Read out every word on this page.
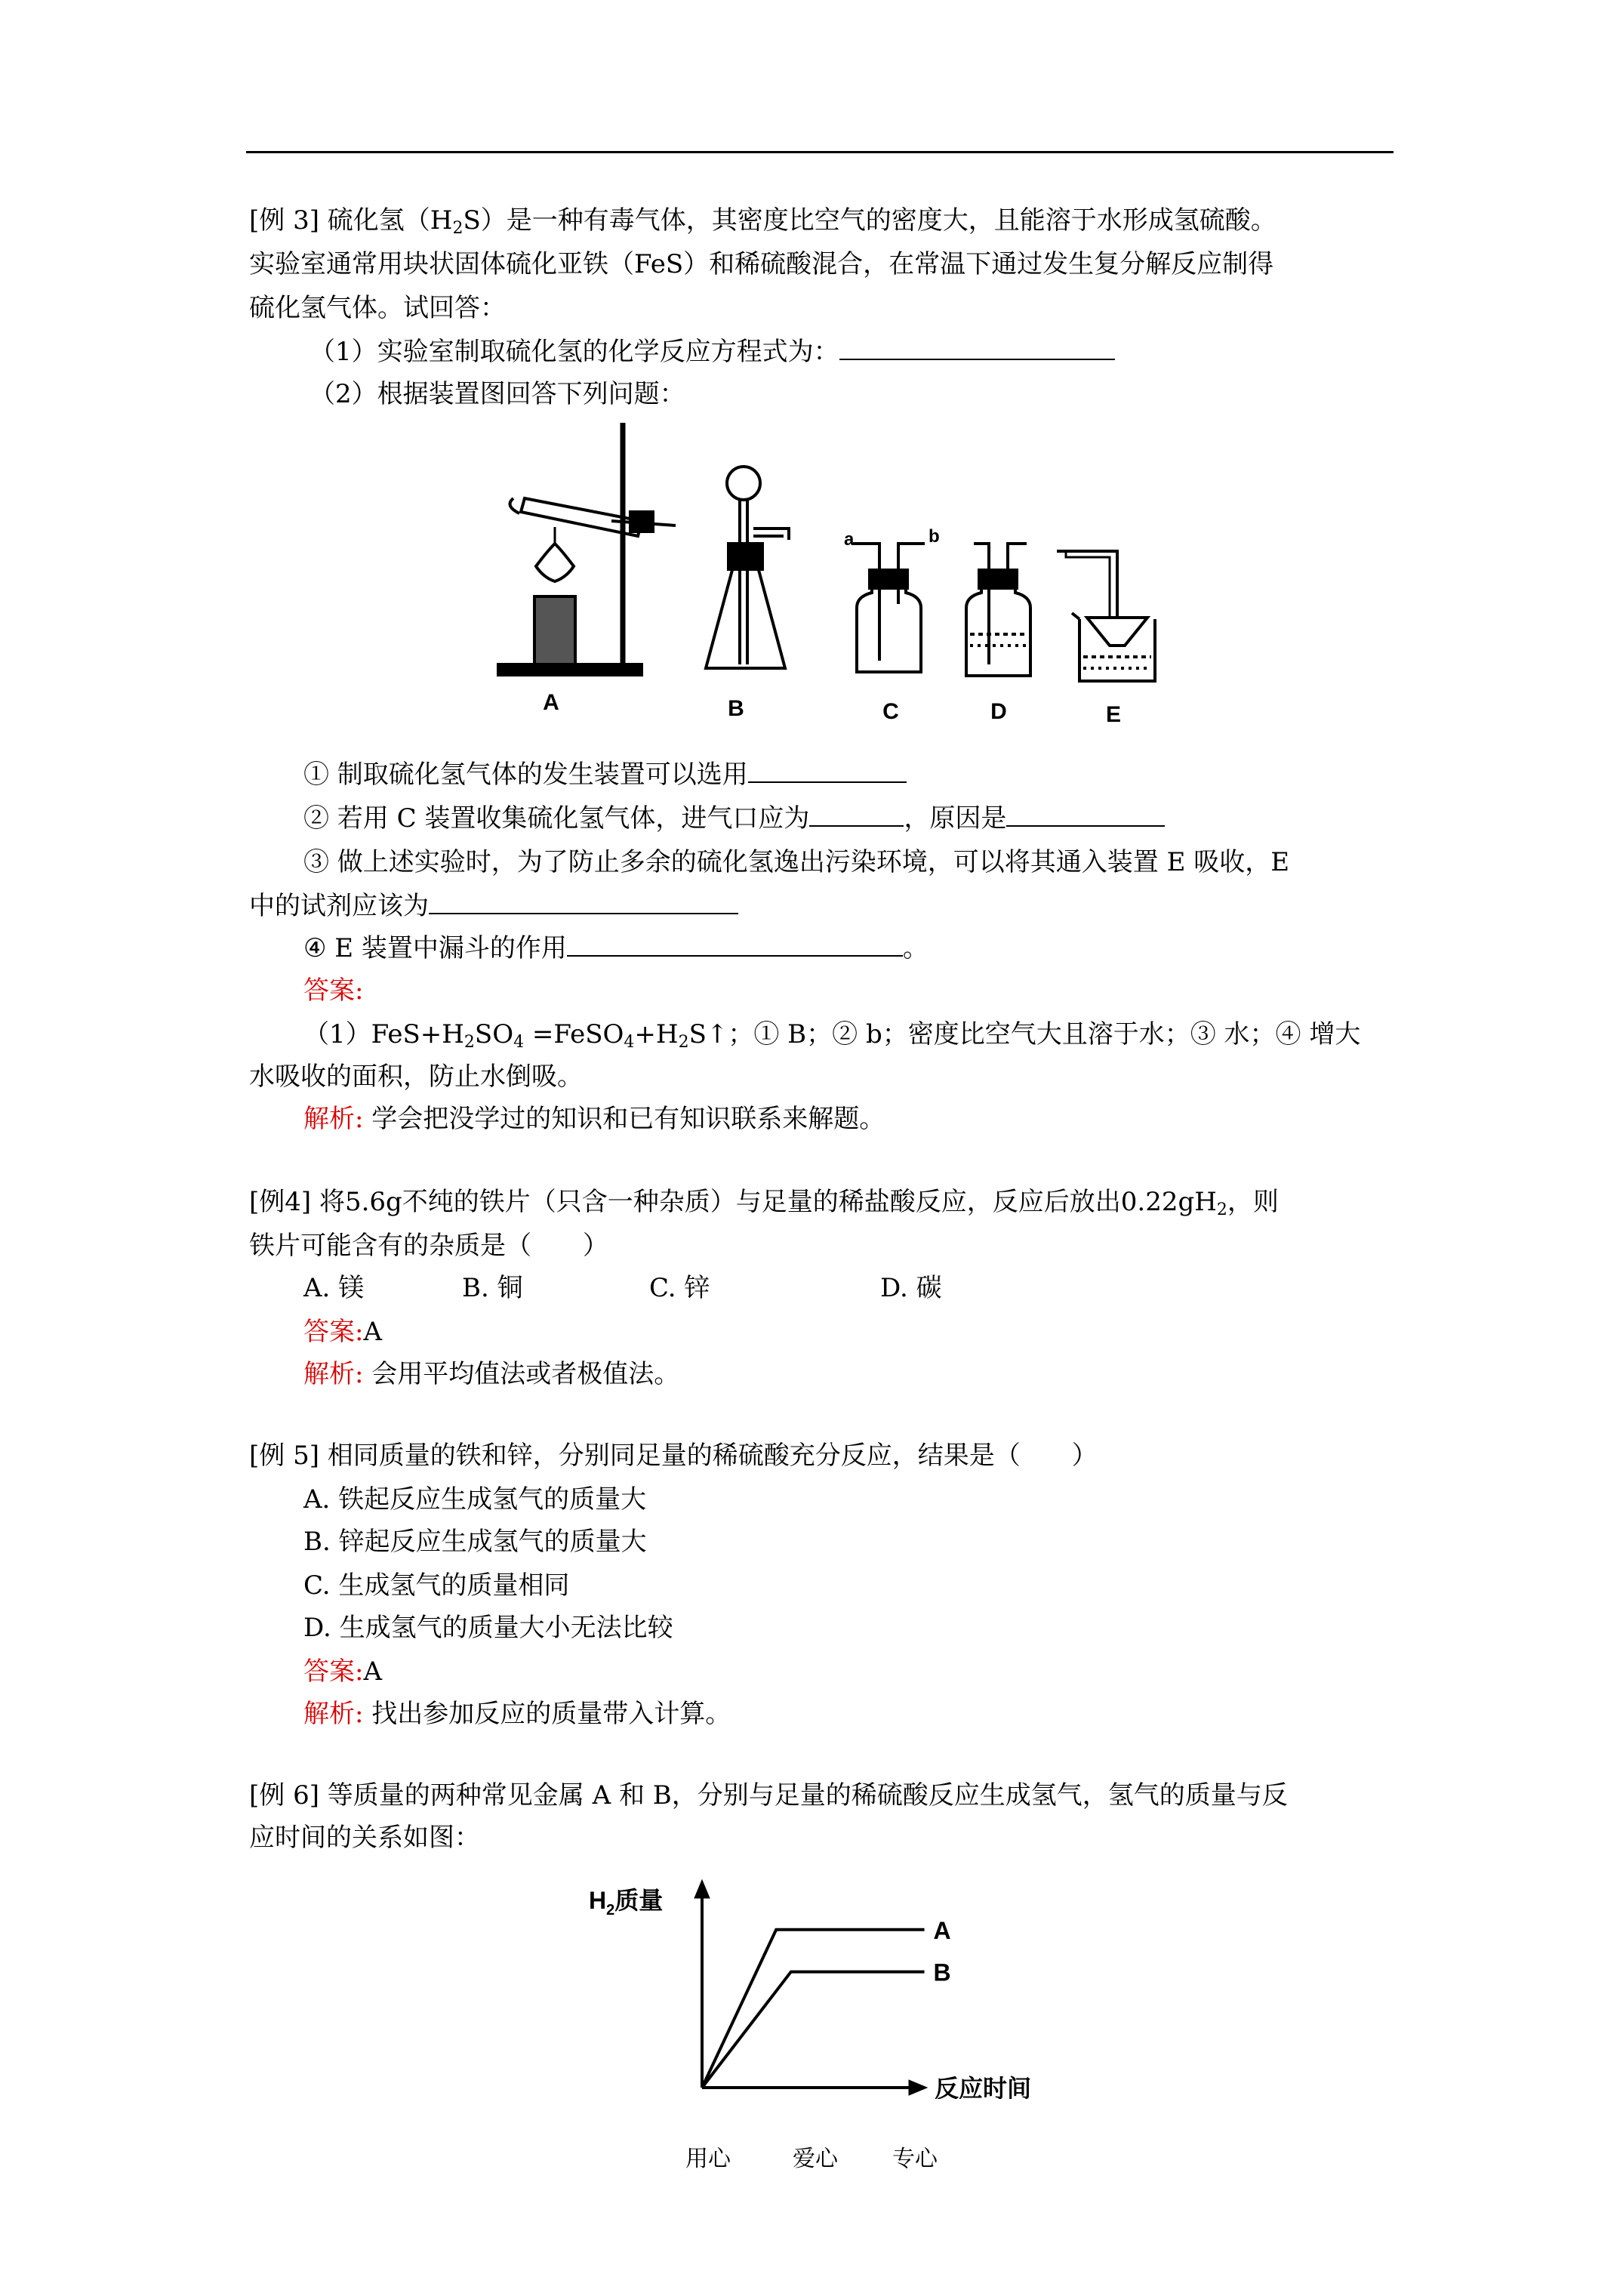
[例 3] 硫化氢$(H_2S)$是一种有毒气体，其密度比空气的密度大，且能溶于水形成氢硫酸。
实验室通常用块状固体硫化亚铁（FeS）和稀硫酸混合，在常温下通过发生复分解反应制得
硫化氢气体。试回答：
（1）实验室制取硫化氢的化学反应方程式为：
（2）根据装置图回答下列问题：
A	B	C	D	E
a	b
① 制取硫化氢气体的发生装置可以选用
② 若用 C 装置收集硫化氢气体，进气口应为	，原因是
③ 做上述实验时，为了防止多余的硫化氢逸出污染环境，可以将其通入装置 E 吸收，E
中的试剂应该为
④ E 装置中漏斗的作用	。
答案:
$(1)FeS+H_2SO_4$ $=FeSO_4+H_2S↑$；① B；② b；密度比空气大且溶于水；③ 水；④ 增大
水吸收的面积，防止水倒吸。
解析: 学会把没学过的知识和已有知识联系来解题。
[例4] 将5.6g不纯的铁片（只含一种杂质）与足量的稀盐酸反应，反应后放出$0.22gH_2$，则
铁片可能含有的杂质是（　　）
A. 镁	B. 铜	C. 锌	D. 碳
答案:A
解析: 会用平均值法或者极值法。
[例 5] 相同质量的铁和锌，分别同足量的稀硫酸充分反应，结果是（　　）
A. 铁起反应生成氢气的质量大
B. 锌起反应生成氢气的质量大
C. 生成氢气的质量相同
D. 生成氢气的质量大小无法比较
答案:A
解析: 找出参加反应的质量带入计算。
[例 6] 等质量的两种常见金属 A 和 B，分别与足量的稀硫酸反应生成氢气，氢气的质量与反
应时间的关系如图：
A
B
$H_2$质量
反应时间
用心	爱心 专心
